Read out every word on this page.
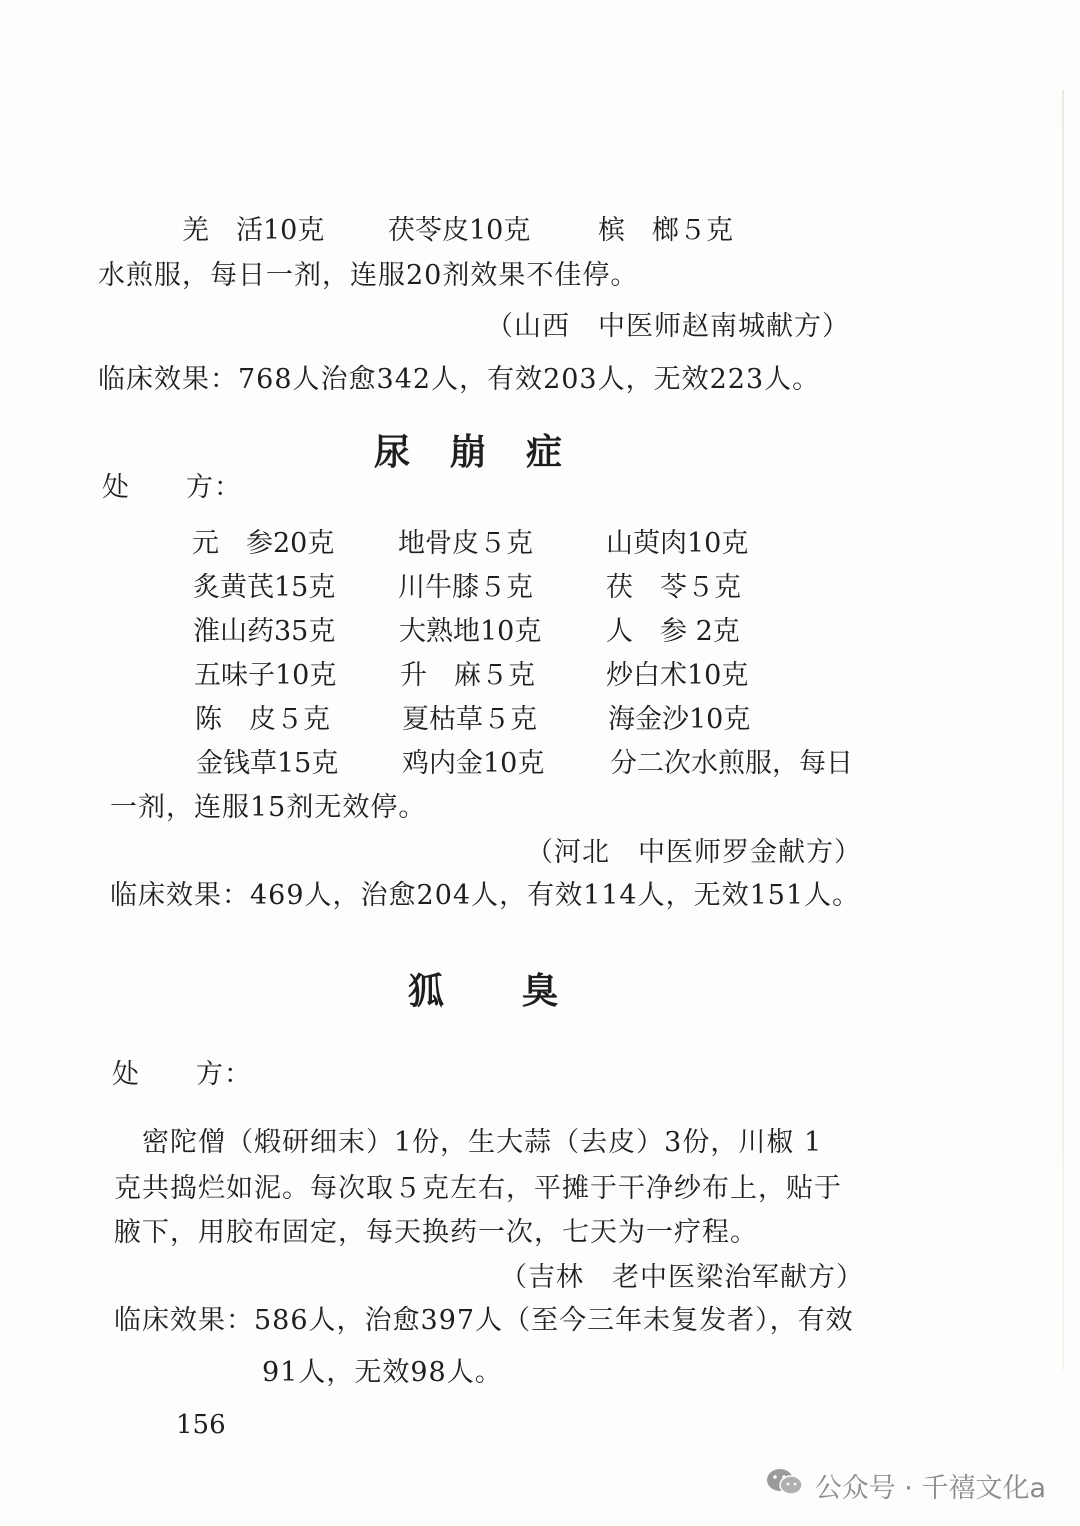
羌　活10克 茯苓皮10克	槟　榔５克
水煎服，每日一剂，连服20剂效果不佳停。
（山西　中医师赵南城献方）
临床效果：768人治愈342人，有效203人，无效223人。
尿　崩　症
处　　方：
元　参20克 地骨皮５克	山萸肉10克
炙黄芪15克 川牛膝５克	茯　苓５克
淮山药35克 大熟地10克 人　参 2克
五味子10克 升　麻５克	炒白术10克
陈　皮５克	夏枯草５克	海金沙10克
金钱草15克 鸡内金10克 分二次水煎服，每日
一剂，连服15剂无效停。
（河北　中医师罗金献方）
临床效果：469人，治愈204人，有效114人，无效151人。
狐　　臭
处　　方：
密陀僧（煅研细末）1份，生大蒜（去皮）3份，川椒 1
克共捣烂如泥。每次取５克左右，平摊于干净纱布上，贴于
腋下，用胶布固定，每天换药一次，七天为一疗程。
（吉林　老中医梁治军献方）
临床效果：586人，治愈397人（至今三年未复发者），有效
91人，无效98人。
156
公众号 · 千禧文化a
